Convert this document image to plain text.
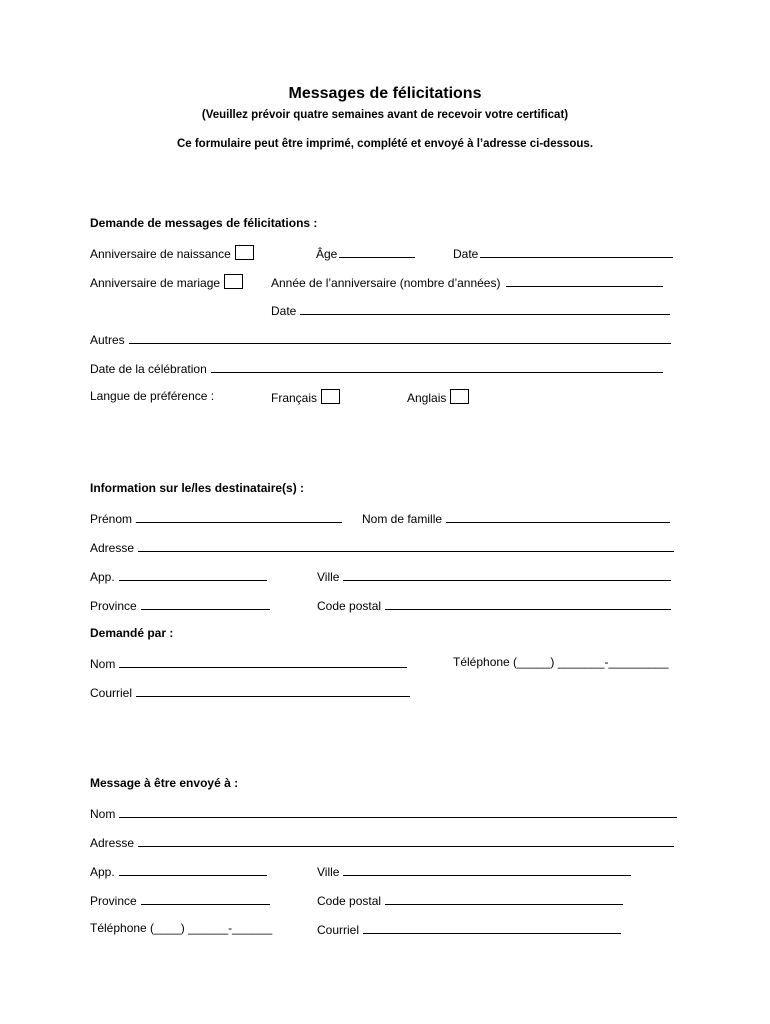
Messages de félicitations
(Veuillez prévoir quatre semaines avant de recevoir votre certificat)
Ce formulaire peut être imprimé, complété et envoyé à l’adresse ci-dessous.
Demande de messages de félicitations :
Anniversaire de naissance	Âge	Date
Anniversaire de mariage	Année de l’anniversaire (nombre d’années)
Date
Autres
Date de la célébration
Langue de préférence :	Français	Anglais
Information sur le/les destinataire(s) :
Prénom	Nom de famille
Adresse
App.	Ville
Province	Code postal
Demandé par :
Nom	Téléphone (_____) _______-_________
Courriel
Message à être envoyé à :
Nom
Adresse
App.	Ville
Province	Code postal
Téléphone (____) ______-______	Courriel
